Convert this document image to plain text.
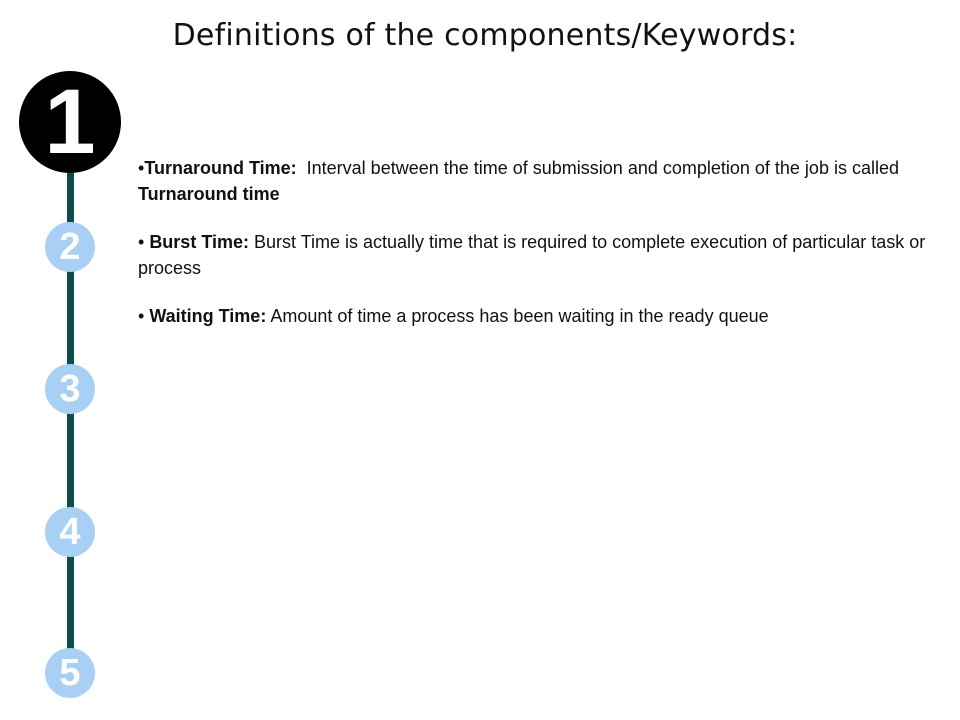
Definitions of the components/Keywords:
1
2
3
4
5

•Turnaround Time:  Interval between the time of submission and completion of the job is called Turnaround time

• Burst Time: Burst Time is actually time that is required to complete execution of particular task or process

• Waiting Time: Amount of time a process has been waiting in the ready queue
